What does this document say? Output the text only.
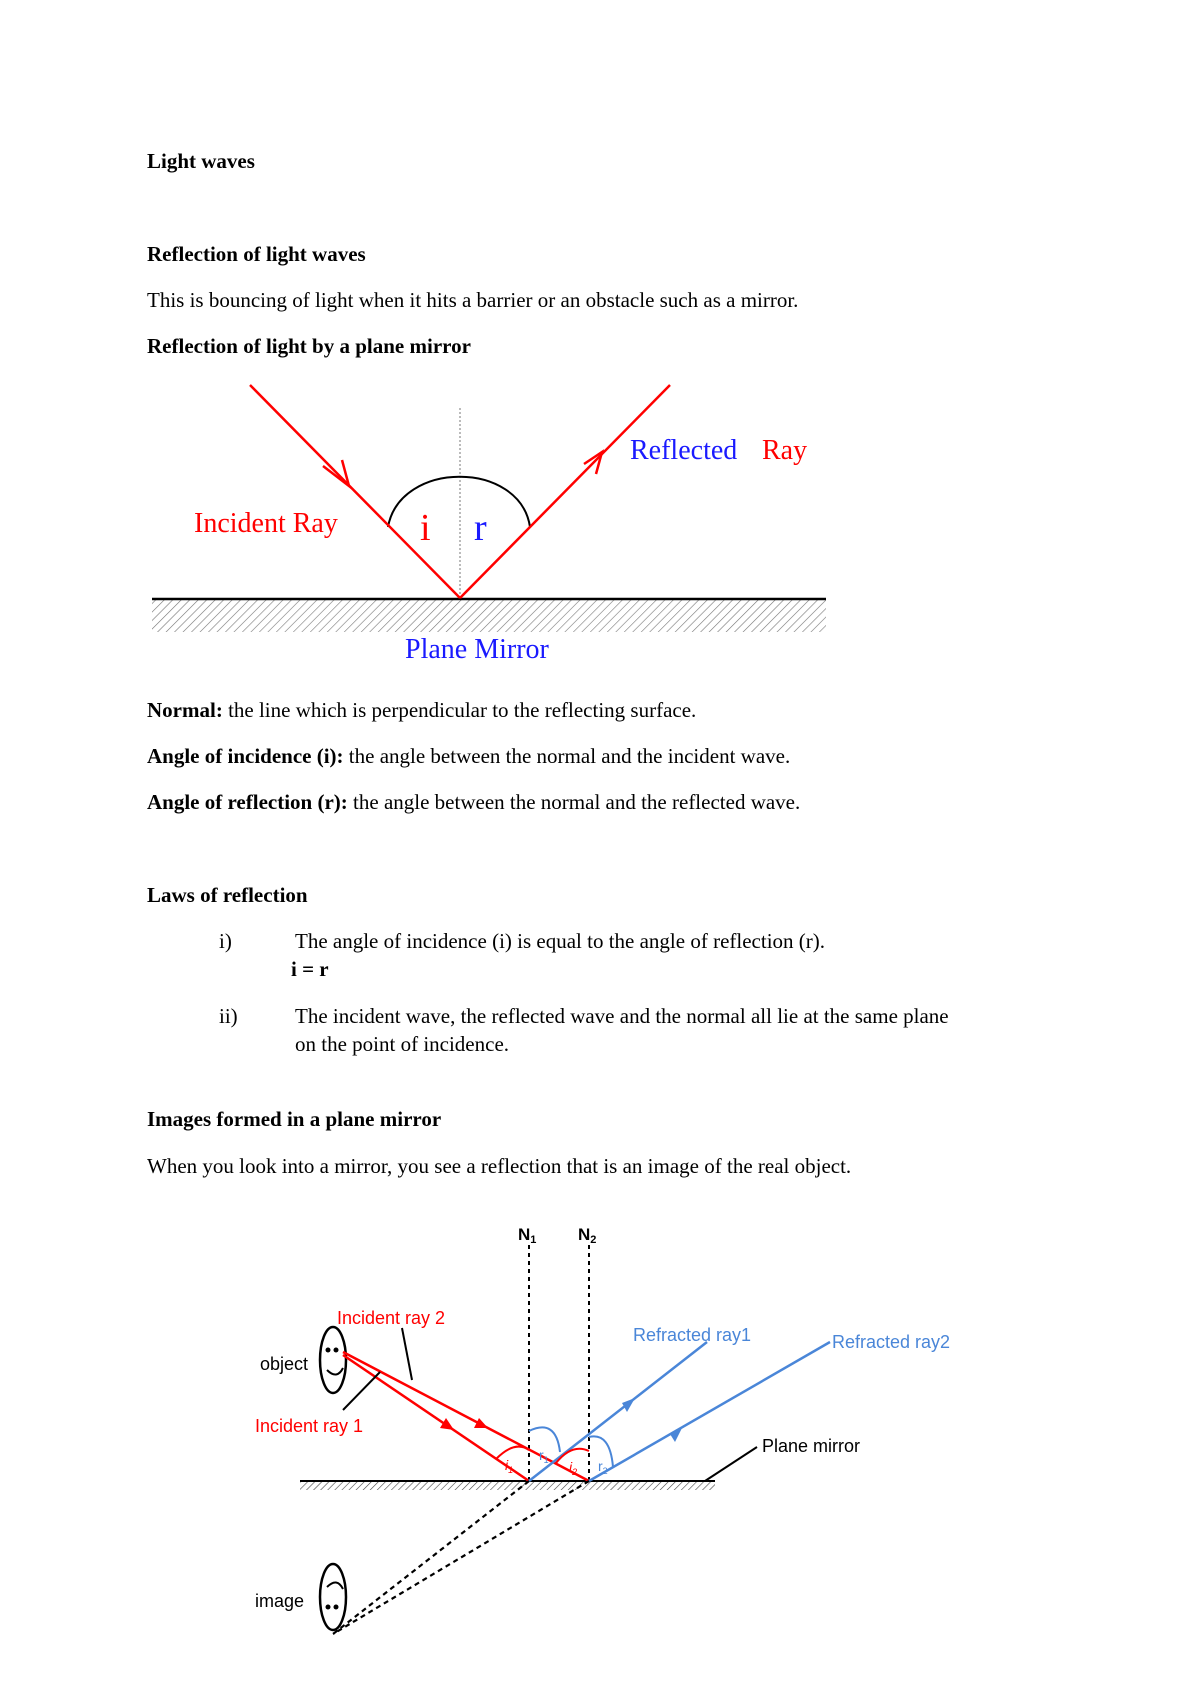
Light waves
Reflection of light waves
This is bouncing of light when it hits a barrier or an obstacle such as a mirror.
Reflection of light by a plane mirror
Incident Ray
Reflected Ray
i r
Plane Mirror
Normal: the line which is perpendicular to the reflecting surface.
Angle of incidence (i): the angle between the normal and the incident wave.
Angle of reflection (r): the angle between the normal and the reflected wave.
Laws of reflection
i)	The angle of incidence (i) is equal to the angle of reflection (r).
i = r
ii)	The incident wave, the reflected wave and the normal all lie at the same plane
on the point of incidence.
Images formed in a plane mirror
When you look into a mirror, you see a reflection that is an image of the real object.
N1 N2
Incident ray 2
object
Incident ray 1
Refracted ray1	Refracted ray2
Plane mirror
image
$i_1$
$r_1$ $i_2$ $r_2$
